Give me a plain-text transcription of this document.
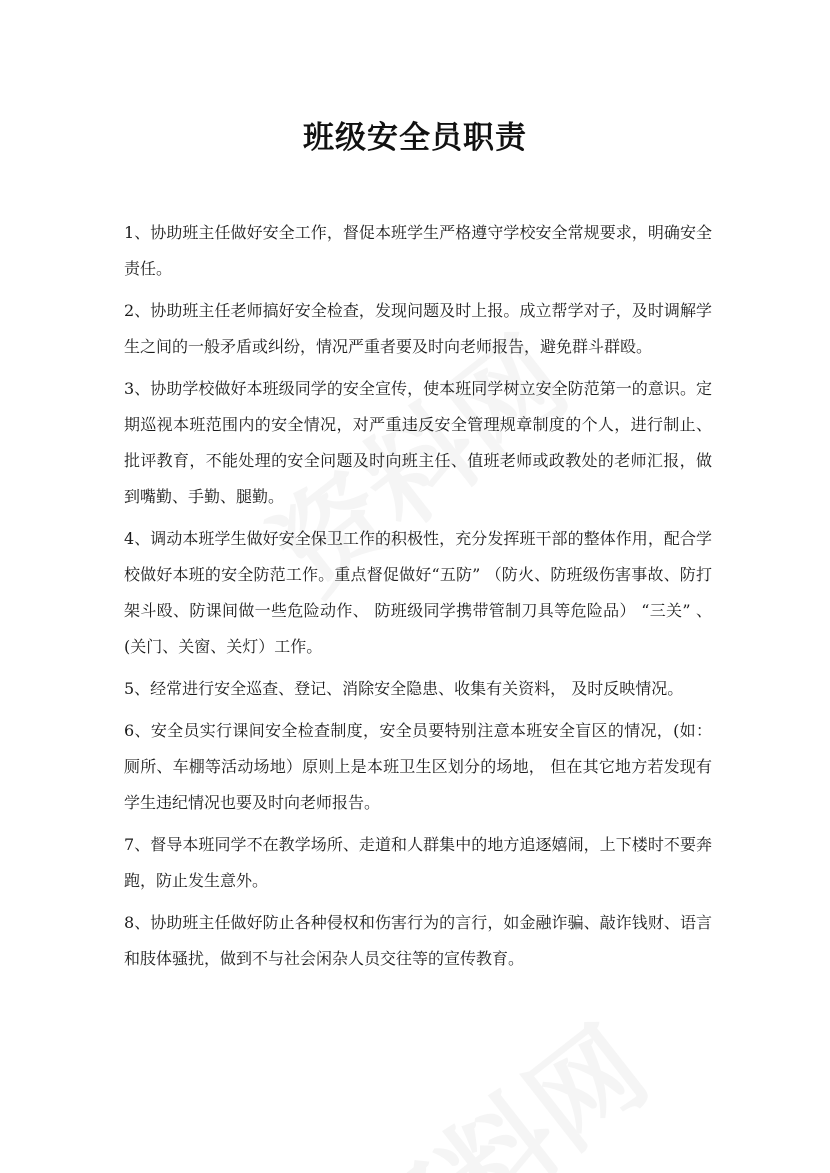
班级安全员职责

1、协助班主任做好安全工作，督促本班学生严格遵守学校安全常规要求，明确安全责任。

2、协助班主任老师搞好安全检查，发现问题及时上报。成立帮学对子，及时调解学生之间的一般矛盾或纠纷，情况严重者要及时向老师报告，避免群斗群殴。

3、协助学校做好本班级同学的安全宣传，使本班同学树立安全防范第一的意识。定期巡视本班范围内的安全情况，对严重违反安全管理规章制度的个人，进行制止、批评教育，不能处理的安全问题及时向班主任、值班老师或政教处的老师汇报，做到嘴勤、手勤、腿勤。

4、调动本班学生做好安全保卫工作的积极性，充分发挥班干部的整体作用，配合学校做好本班的安全防范工作。重点督促做好“五防” （防火、防班级伤害事故、防打架斗殴、防课间做一些危险动作、 防班级同学携带管制刀具等危险品） “三关” 、(关门、关窗、关灯）工作。

5、经常进行安全巡查、登记、消除安全隐患、收集有关资料， 及时反映情况。

6、安全员实行课间安全检查制度，安全员要特别注意本班安全盲区的情况，(如：厕所、车棚等活动场地）原则上是本班卫生区划分的场地， 但在其它地方若发现有学生违纪情况也要及时向老师报告。

7、督导本班同学不在教学场所、走道和人群集中的地方追逐嬉闹，上下楼时不要奔跑，防止发生意外。

8、协助班主任做好防止各种侵权和伤害行为的言行，如金融诈骗、敲诈钱财、语言和肢体骚扰，做到不与社会闲杂人员交往等的宣传教育。
